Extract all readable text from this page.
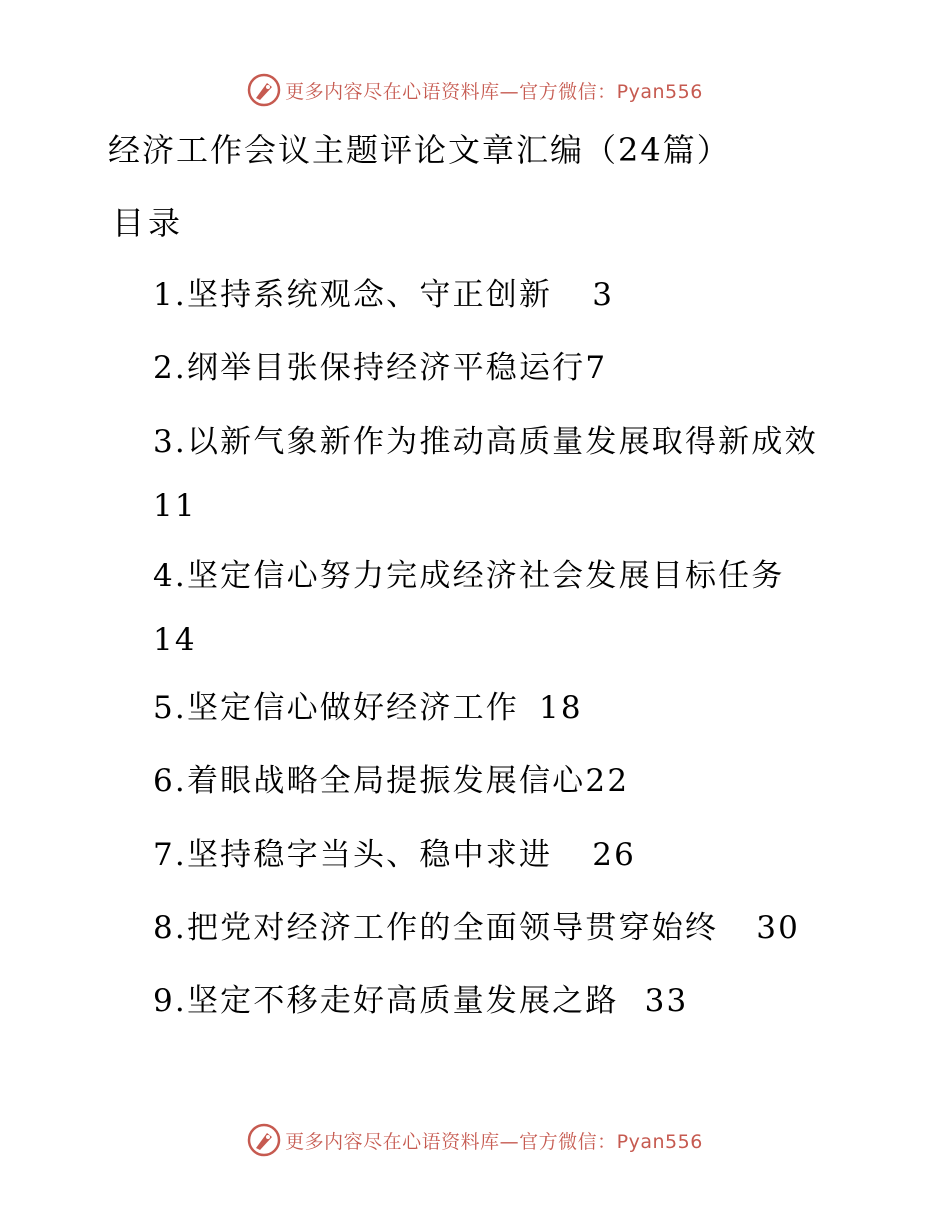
更多内容尽在心语资料库—官方微信：Pyan556
经济工作会议主题评论文章汇编（24篇）
目录
1.坚持系统观念、守正创新 3
2.纲举目张保持经济平稳运行7
3.以新气象新作为推动高质量发展取得新成效
11
4.坚定信心努力完成经济社会发展目标任务
14
5.坚定信心做好经济工作 18
6.着眼战略全局提振发展信心22
7.坚持稳字当头、稳中求进 26
8.把党对经济工作的全面领导贯穿始终 30
9.坚定不移走好高质量发展之路 33
更多内容尽在心语资料库—官方微信：Pyan556
